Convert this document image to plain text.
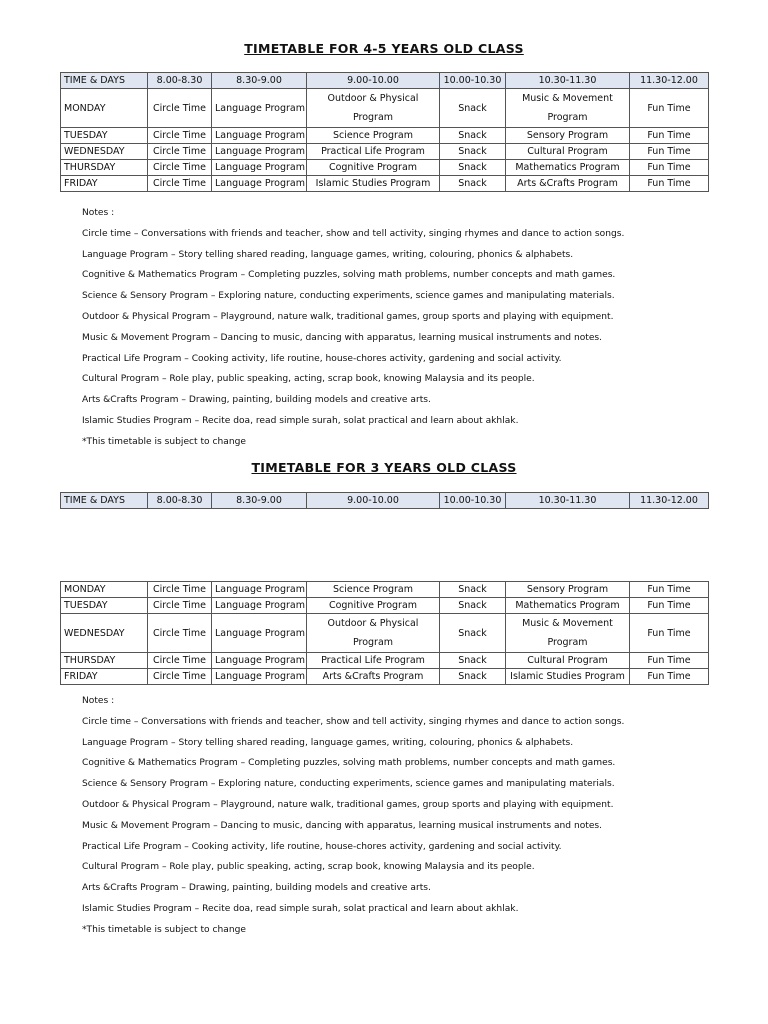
TIMETABLE FOR 4-5 YEARS OLD CLASS
TIME & DAYS	8.00-8.30	8.30-9.00	9.00-10.00	10.00-10.30	10.30-11.30	11.30-12.00
MONDAY	Circle Time	Language Program	Outdoor & Physical Program	Snack	Music & Movement Program	Fun Time
TUESDAY	Circle Time	Language Program	Science Program	Snack	Sensory Program	Fun Time
WEDNESDAY	Circle Time	Language Program	Practical Life Program	Snack	Cultural Program	Fun Time
THURSDAY	Circle Time	Language Program	Cognitive Program	Snack	Mathematics Program	Fun Time
FRIDAY	Circle Time	Language Program	Islamic Studies Program	Snack	Arts &Crafts Program	Fun Time
Notes :
Circle time – Conversations with friends and teacher, show and tell activity, singing rhymes and dance to action songs.
Language Program – Story telling shared reading, language games, writing, colouring, phonics & alphabets.
Cognitive & Mathematics Program – Completing puzzles, solving math problems, number concepts and math games.
Science & Sensory Program – Exploring nature, conducting experiments, science games and manipulating materials.
Outdoor & Physical Program – Playground, nature walk, traditional games, group sports and playing with equipment.
Music & Movement Program – Dancing to music, dancing with apparatus, learning musical instruments and notes.
Practical Life Program – Cooking activity, life routine, house-chores activity, gardening and social activity.
Cultural Program – Role play, public speaking, acting, scrap book, knowing Malaysia and its people.
Arts &Crafts Program – Drawing, painting, building models and creative arts.
Islamic Studies Program – Recite doa, read simple surah, solat practical and learn about akhlak.
*This timetable is subject to change
TIMETABLE FOR 3 YEARS OLD CLASS
TIME & DAYS	8.00-8.30	8.30-9.00	9.00-10.00	10.00-10.30	10.30-11.30	11.30-12.00
MONDAY	Circle Time	Language Program	Science Program	Snack	Sensory Program	Fun Time
TUESDAY	Circle Time	Language Program	Cognitive Program	Snack	Mathematics Program	Fun Time
WEDNESDAY	Circle Time	Language Program	Outdoor & Physical Program	Snack	Music & Movement Program	Fun Time
THURSDAY	Circle Time	Language Program	Practical Life Program	Snack	Cultural Program	Fun Time
FRIDAY	Circle Time	Language Program	Arts &Crafts Program	Snack	Islamic Studies Program	Fun Time
Notes :
Circle time – Conversations with friends and teacher, show and tell activity, singing rhymes and dance to action songs.
Language Program – Story telling shared reading, language games, writing, colouring, phonics & alphabets.
Cognitive & Mathematics Program – Completing puzzles, solving math problems, number concepts and math games.
Science & Sensory Program – Exploring nature, conducting experiments, science games and manipulating materials.
Outdoor & Physical Program – Playground, nature walk, traditional games, group sports and playing with equipment.
Music & Movement Program – Dancing to music, dancing with apparatus, learning musical instruments and notes.
Practical Life Program – Cooking activity, life routine, house-chores activity, gardening and social activity.
Cultural Program – Role play, public speaking, acting, scrap book, knowing Malaysia and its people.
Arts &Crafts Program – Drawing, painting, building models and creative arts.
Islamic Studies Program – Recite doa, read simple surah, solat practical and learn about akhlak.
*This timetable is subject to change
